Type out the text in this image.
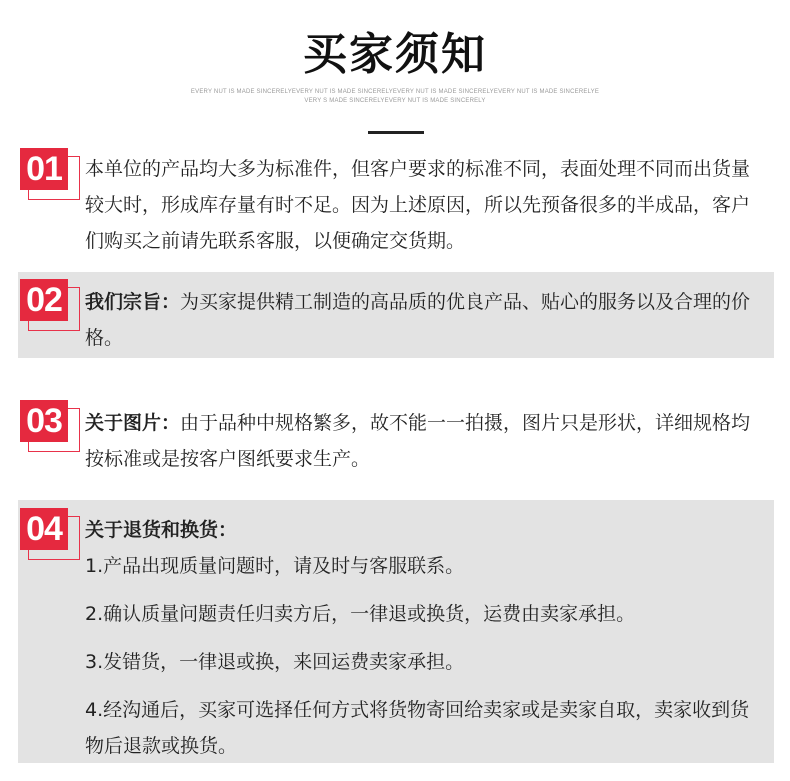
买家须知
EVERY NUT IS MADE SINCERELYEVERY NUT IS MADE SINCERELYEVERY NUT IS MADE SINCERELYEVERY NUT IS MADE SINCERELYEVERY S MADE SINCERELYEVERY NUT IS MADE SINCERELY
01	本单位的产品均大多为标准件，但客户要求的标准不同，表面处理不同而出货量较大时，形成库存量有时不足。因为上述原因，所以先预备很多的半成品，客户们购买之前请先联系客服，以便确定交货期。
02	我们宗旨：为买家提供精工制造的高品质的优良产品、贴心的服务以及合理的价格。
03	关于图片：由于品种中规格繁多，故不能一一拍摄，图片只是形状，详细规格均按标准或是按客户图纸要求生产。
04	关于退货和换货：

1.产品出现质量问题时，请及时与客服联系。

2.确认质量问题责任归卖方后，一律退或换货，运费由卖家承担。

3.发错货，一律退或换，来回运费卖家承担。

4.经沟通后，买家可选择任何方式将货物寄回给卖家或是卖家自取，卖家收到货物后退款或换货。
